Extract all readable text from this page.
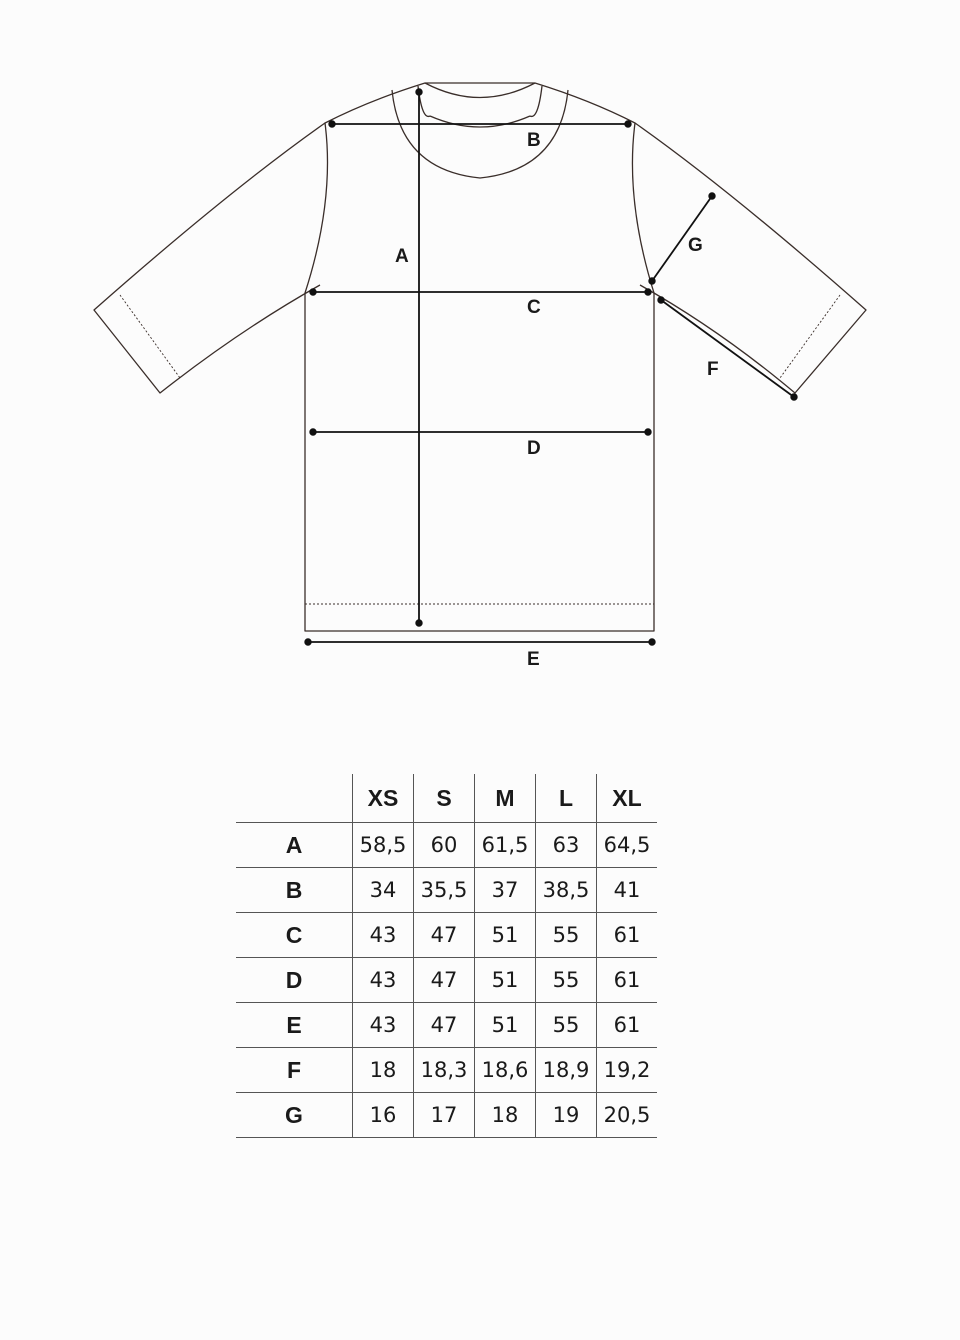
A
B
C
D
E
F
G
	XS	S	M	L	XL
A	58,5	60	61,5	63	64,5
B	34	35,5	37	38,5	41
C	43	47	51	55	61
D	43	47	51	55	61
E	43	47	51	55	61
F	18	18,3	18,6	18,9	19,2
G	16	17	18	19	20,5
